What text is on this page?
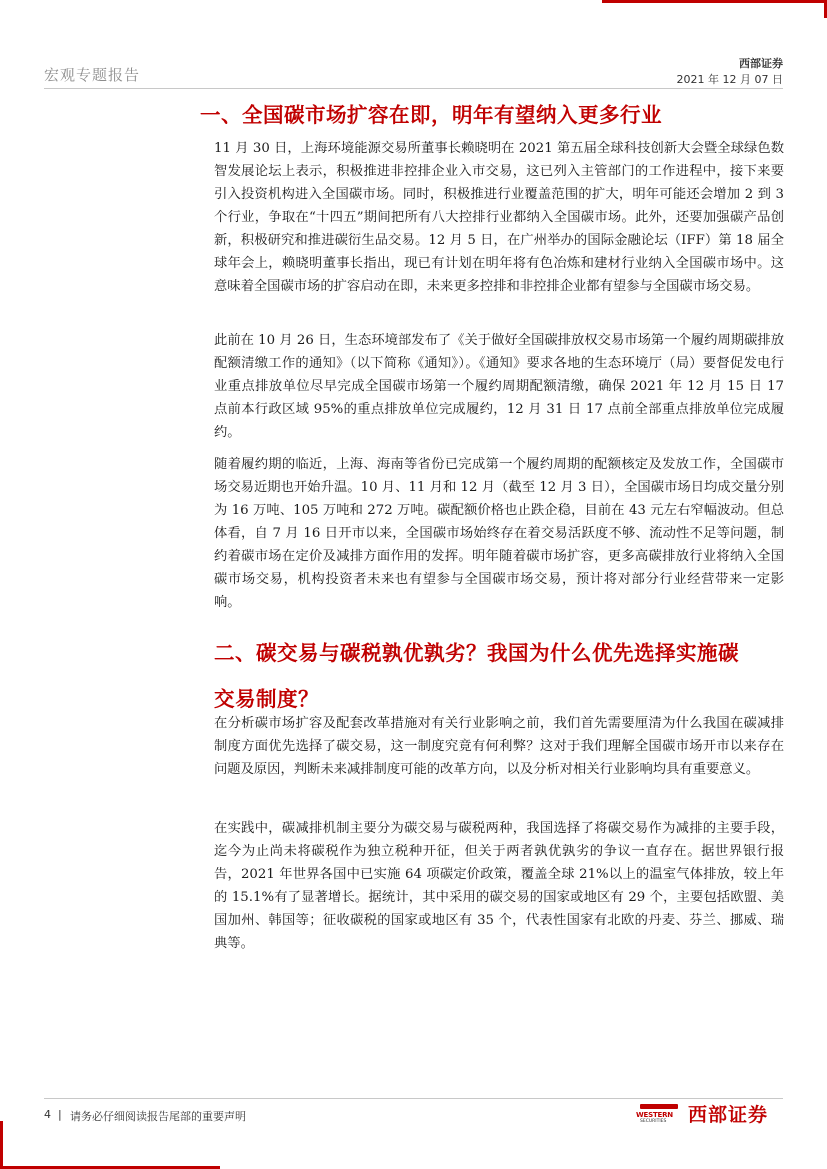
宏观专题报告
西部证券
2021 年 12 月 07 日
一、全国碳市场扩容在即，明年有望纳入更多行业

11 月 30 日，上海环境能源交易所董事长赖晓明在 2021 第五届全球科技创新大会暨全球绿色数智发展论坛上表示，积极推进非控排企业入市交易，这已列入主管部门的工作进程中，接下来要引入投资机构进入全国碳市场。同时，积极推进行业覆盖范围的扩大，明年可能还会增加 2 到 3 个行业，争取在“十四五”期间把所有八大控排行业都纳入全国碳市场。此外，还要加强碳产品创新，积极研究和推进碳衍生品交易。12 月 5 日，在广州举办的国际金融论坛（IFF）第 18 届全球年会上，赖晓明董事长指出，现已有计划在明年将有色冶炼和建材行业纳入全国碳市场中。这意味着全国碳市场的扩容启动在即，未来更多控排和非控排企业都有望参与全国碳市场交易。

此前在 10 月 26 日，生态环境部发布了《关于做好全国碳排放权交易市场第一个履约周期碳排放配额清缴工作的通知》（以下简称《通知》）。《通知》要求各地的生态环境厅（局）要督促发电行业重点排放单位尽早完成全国碳市场第一个履约周期配额清缴，确保 2021 年 12 月 15 日 17 点前本行政区域 95%的重点排放单位完成履约，12 月 31 日 17 点前全部重点排放单位完成履约。

随着履约期的临近，上海、海南等省份已完成第一个履约周期的配额核定及发放工作，全国碳市场交易近期也开始升温。10 月、11 月和 12 月（截至 12 月 3 日），全国碳市场日均成交量分别为 16 万吨、105 万吨和 272 万吨。碳配额价格也止跌企稳，目前在 43 元左右窄幅波动。但总体看，自 7 月 16 日开市以来，全国碳市场始终存在着交易活跃度不够、流动性不足等问题，制约着碳市场在定价及减排方面作用的发挥。明年随着碳市场扩容，更多高碳排放行业将纳入全国碳市场交易，机构投资者未来也有望参与全国碳市场交易，预计将对部分行业经营带来一定影响。

二、碳交易与碳税孰优孰劣？我国为什么优先选择实施碳
交易制度？

在分析碳市场扩容及配套改革措施对有关行业影响之前，我们首先需要厘清为什么我国在碳减排制度方面优先选择了碳交易，这一制度究竟有何利弊？这对于我们理解全国碳市场开市以来存在问题及原因，判断未来减排制度可能的改革方向，以及分析对相关行业影响均具有重要意义。

在实践中，碳减排机制主要分为碳交易与碳税两种，我国选择了将碳交易作为减排的主要手段，迄今为止尚未将碳税作为独立税种开征，但关于两者孰优孰劣的争议一直存在。据世界银行报告，2021 年世界各国中已实施 64 项碳定价政策，覆盖全球 21%以上的温室气体排放，较上年的 15.1%有了显著增长。据统计，其中采用的碳交易的国家或地区有 29 个，主要包括欧盟、美国加州、韩国等；征收碳税的国家或地区有 35 个，代表性国家有北欧的丹麦、芬兰、挪威、瑞典等。

4 | 请务必仔细阅读报告尾部的重要声明	WESTERN
SECURITIES 西部证券
